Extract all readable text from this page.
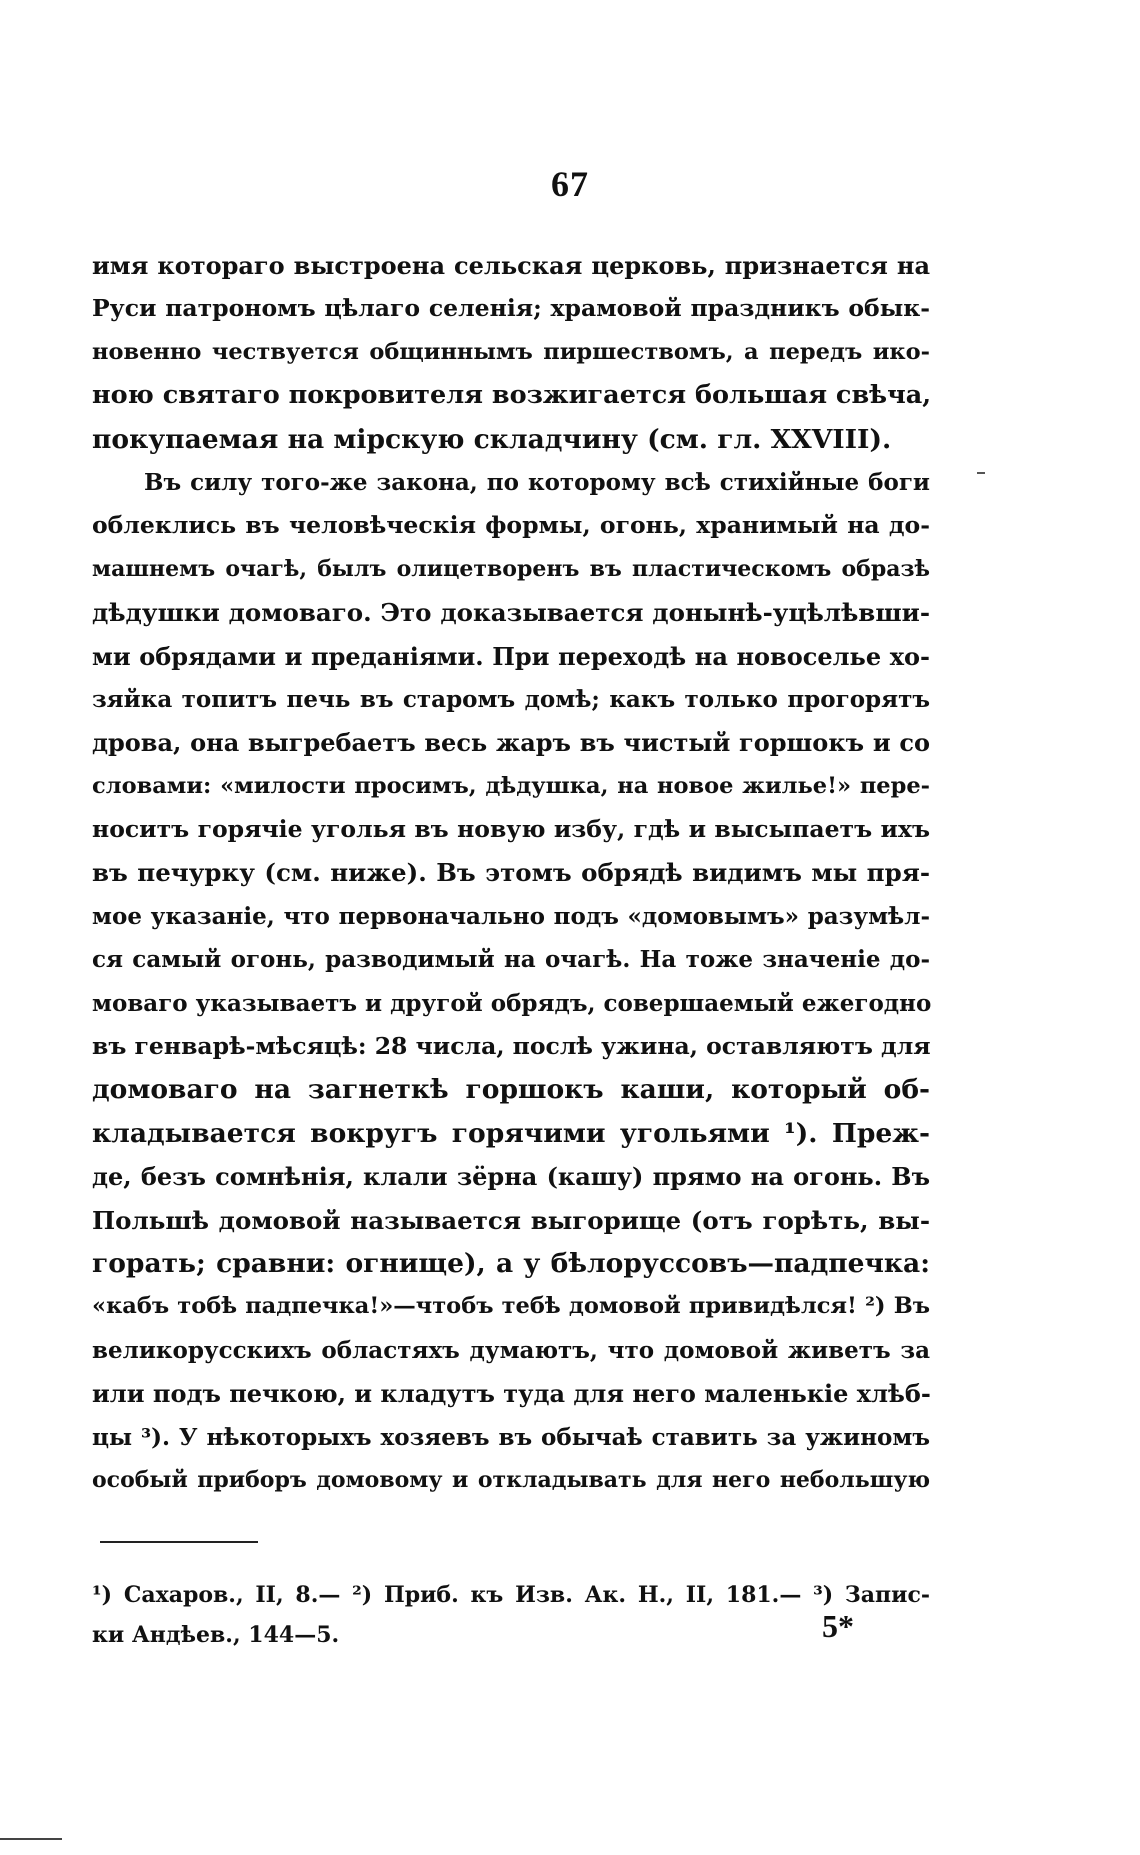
67
имя котораго выстроена сельская церковь, признается на
Руси патрономъ цѣлаго селенія; храмовой праздникъ обык-
новенно чествуется общиннымъ пиршествомъ, а передъ ико-
ною святаго покровителя возжигается большая свѣча,
покупаемая на мірскую складчину (см. гл. XXVIII).
Въ силу того-же закона, по которому всѣ стихійные боги
облеклись въ человѣческія формы, огонь, хранимый на до-
машнемъ очагѣ, былъ олицетворенъ въ пластическомъ образѣ
дѣдушки домоваго. Это доказывается донынѣ-уцѣлѣвши-
ми обрядами и преданіями. При переходѣ на новоселье хо-
зяйка топитъ печь въ старомъ домѣ; какъ только прогорятъ
дрова, она выгребаетъ весь жаръ въ чистый горшокъ и со
словами: «милости просимъ, дѣдушка, на новое жилье!» пере-
носитъ горячіе уголья въ новую избу, гдѣ и высыпаетъ ихъ
въ печурку (см. ниже). Въ этомъ обрядѣ видимъ мы пря-
мое указаніе, что первоначально подъ «домовымъ» разумѣл-
ся самый огонь, разводимый на очагѣ. На тоже значеніе до-
моваго указываетъ и другой обрядъ, совершаемый ежегодно
въ генварѣ-мѣсяцѣ: 28 числа, послѣ ужина, оставляютъ для
домоваго на загнеткѣ горшокъ каши, который об-
кладывается вокругъ горячими угольями ¹). Преж-
де, безъ сомнѣнія, клали зёрна (кашу) прямо на огонь. Въ
Польшѣ домовой называется выгорище (отъ горѣть, вы-
горать; сравни: огнище), а у бѣлоруссовъ—падпечка:
«кабъ тобѣ падпечка!»—чтобъ тебѣ домовой привидѣлся! ²) Въ
великорусскихъ областяхъ думаютъ, что домовой живетъ за
или подъ печкою, и кладутъ туда для него маленькіе хлѣб-
цы ³). У нѣкоторыхъ хозяевъ въ обычаѣ ставить за ужиномъ
особый приборъ домовому и откладывать для него небольшую
¹) Сахаров., II, 8.— ²) Приб. къ Изв. Ак. Н., II, 181.— ³) Запис-
ки Андѣев., 144—5.	5*
